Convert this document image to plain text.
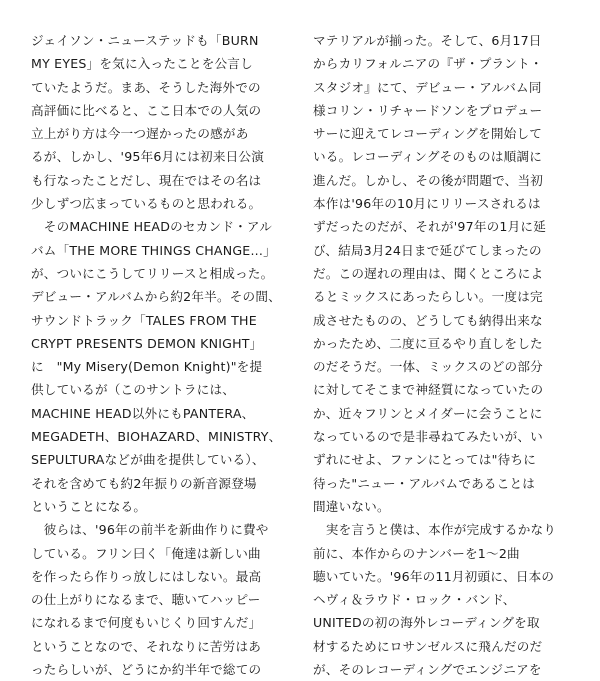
ジェイソン・ニューステッドも「BURN
MY EYES」を気に入ったことを公言し
ていたようだ。まあ、そうした海外での
高評価に比べると、ここ日本での人気の
立上がり方は今一つ遅かったの感があ
るが、しかし、'95年6月には初来日公演
も行なったことだし、現在ではその名は
少しずつ広まっているものと思われる。
　そのMACHINE HEADのセカンド・アル
バム「THE MORE THINGS CHANGE...」
が、ついにこうしてリリースと相成った。
デビュー・アルバムから約2年半。その間、
サウンドトラック「TALES FROM THE
CRYPT PRESENTS DEMON KNIGHT」
に　"My Misery(Demon Knight)"を提
供しているが（このサントラには、
MACHINE HEAD以外にもPANTERA、
MEGADETH、BIOHAZARD、MINISTRY、
SEPULTURAなどが曲を提供している）、
それを含めても約2年振りの新音源登場
ということになる。
　彼らは、'96年の前半を新曲作りに費や
している。フリン曰く「俺達は新しい曲
を作ったら作りっ放しにはしない。最高
の仕上がりになるまで、聴いてハッピー
になれるまで何度もいじくり回すんだ」
ということなので、それなりに苦労はあ
ったらしいが、どうにか約半年で総ての
マテリアルが揃った。そして、6月17日
からカリフォルニアの『ザ・プラント・
スタジオ』にて、デビュー・アルバム同
様コリン・リチャードソンをプロデュー
サーに迎えてレコーディングを開始して
いる。レコーディングそのものは順調に
進んだ。しかし、その後が問題で、当初
本作は'96年の10月にリリースされるは
ずだったのだが、それが'97年の1月に延
び、結局3月24日まで延びてしまったの
だ。この遅れの理由は、聞くところによ
るとミックスにあったらしい。一度は完
成させたものの、どうしても納得出来な
かったため、二度に亘るやり直しをした
のだそうだ。一体、ミックスのどの部分
に対してそこまで神経質になっていたの
か、近々フリンとメイダーに会うことに
なっているので是非尋ねてみたいが、い
ずれにせよ、ファンにとっては"待ちに
待った"ニュー・アルバムであることは
間違いない。
　実を言うと僕は、本作が完成するかなり
前に、本作からのナンバーを1〜2曲
聴いていた。'96年の11月初頭に、日本の
ヘヴィ＆ラウド・ロック・バンド、
UNITEDの初の海外レコーディングを取
材するためにロサンゼルスに飛んだのだ
が、そのレコーディングでエンジニアを
